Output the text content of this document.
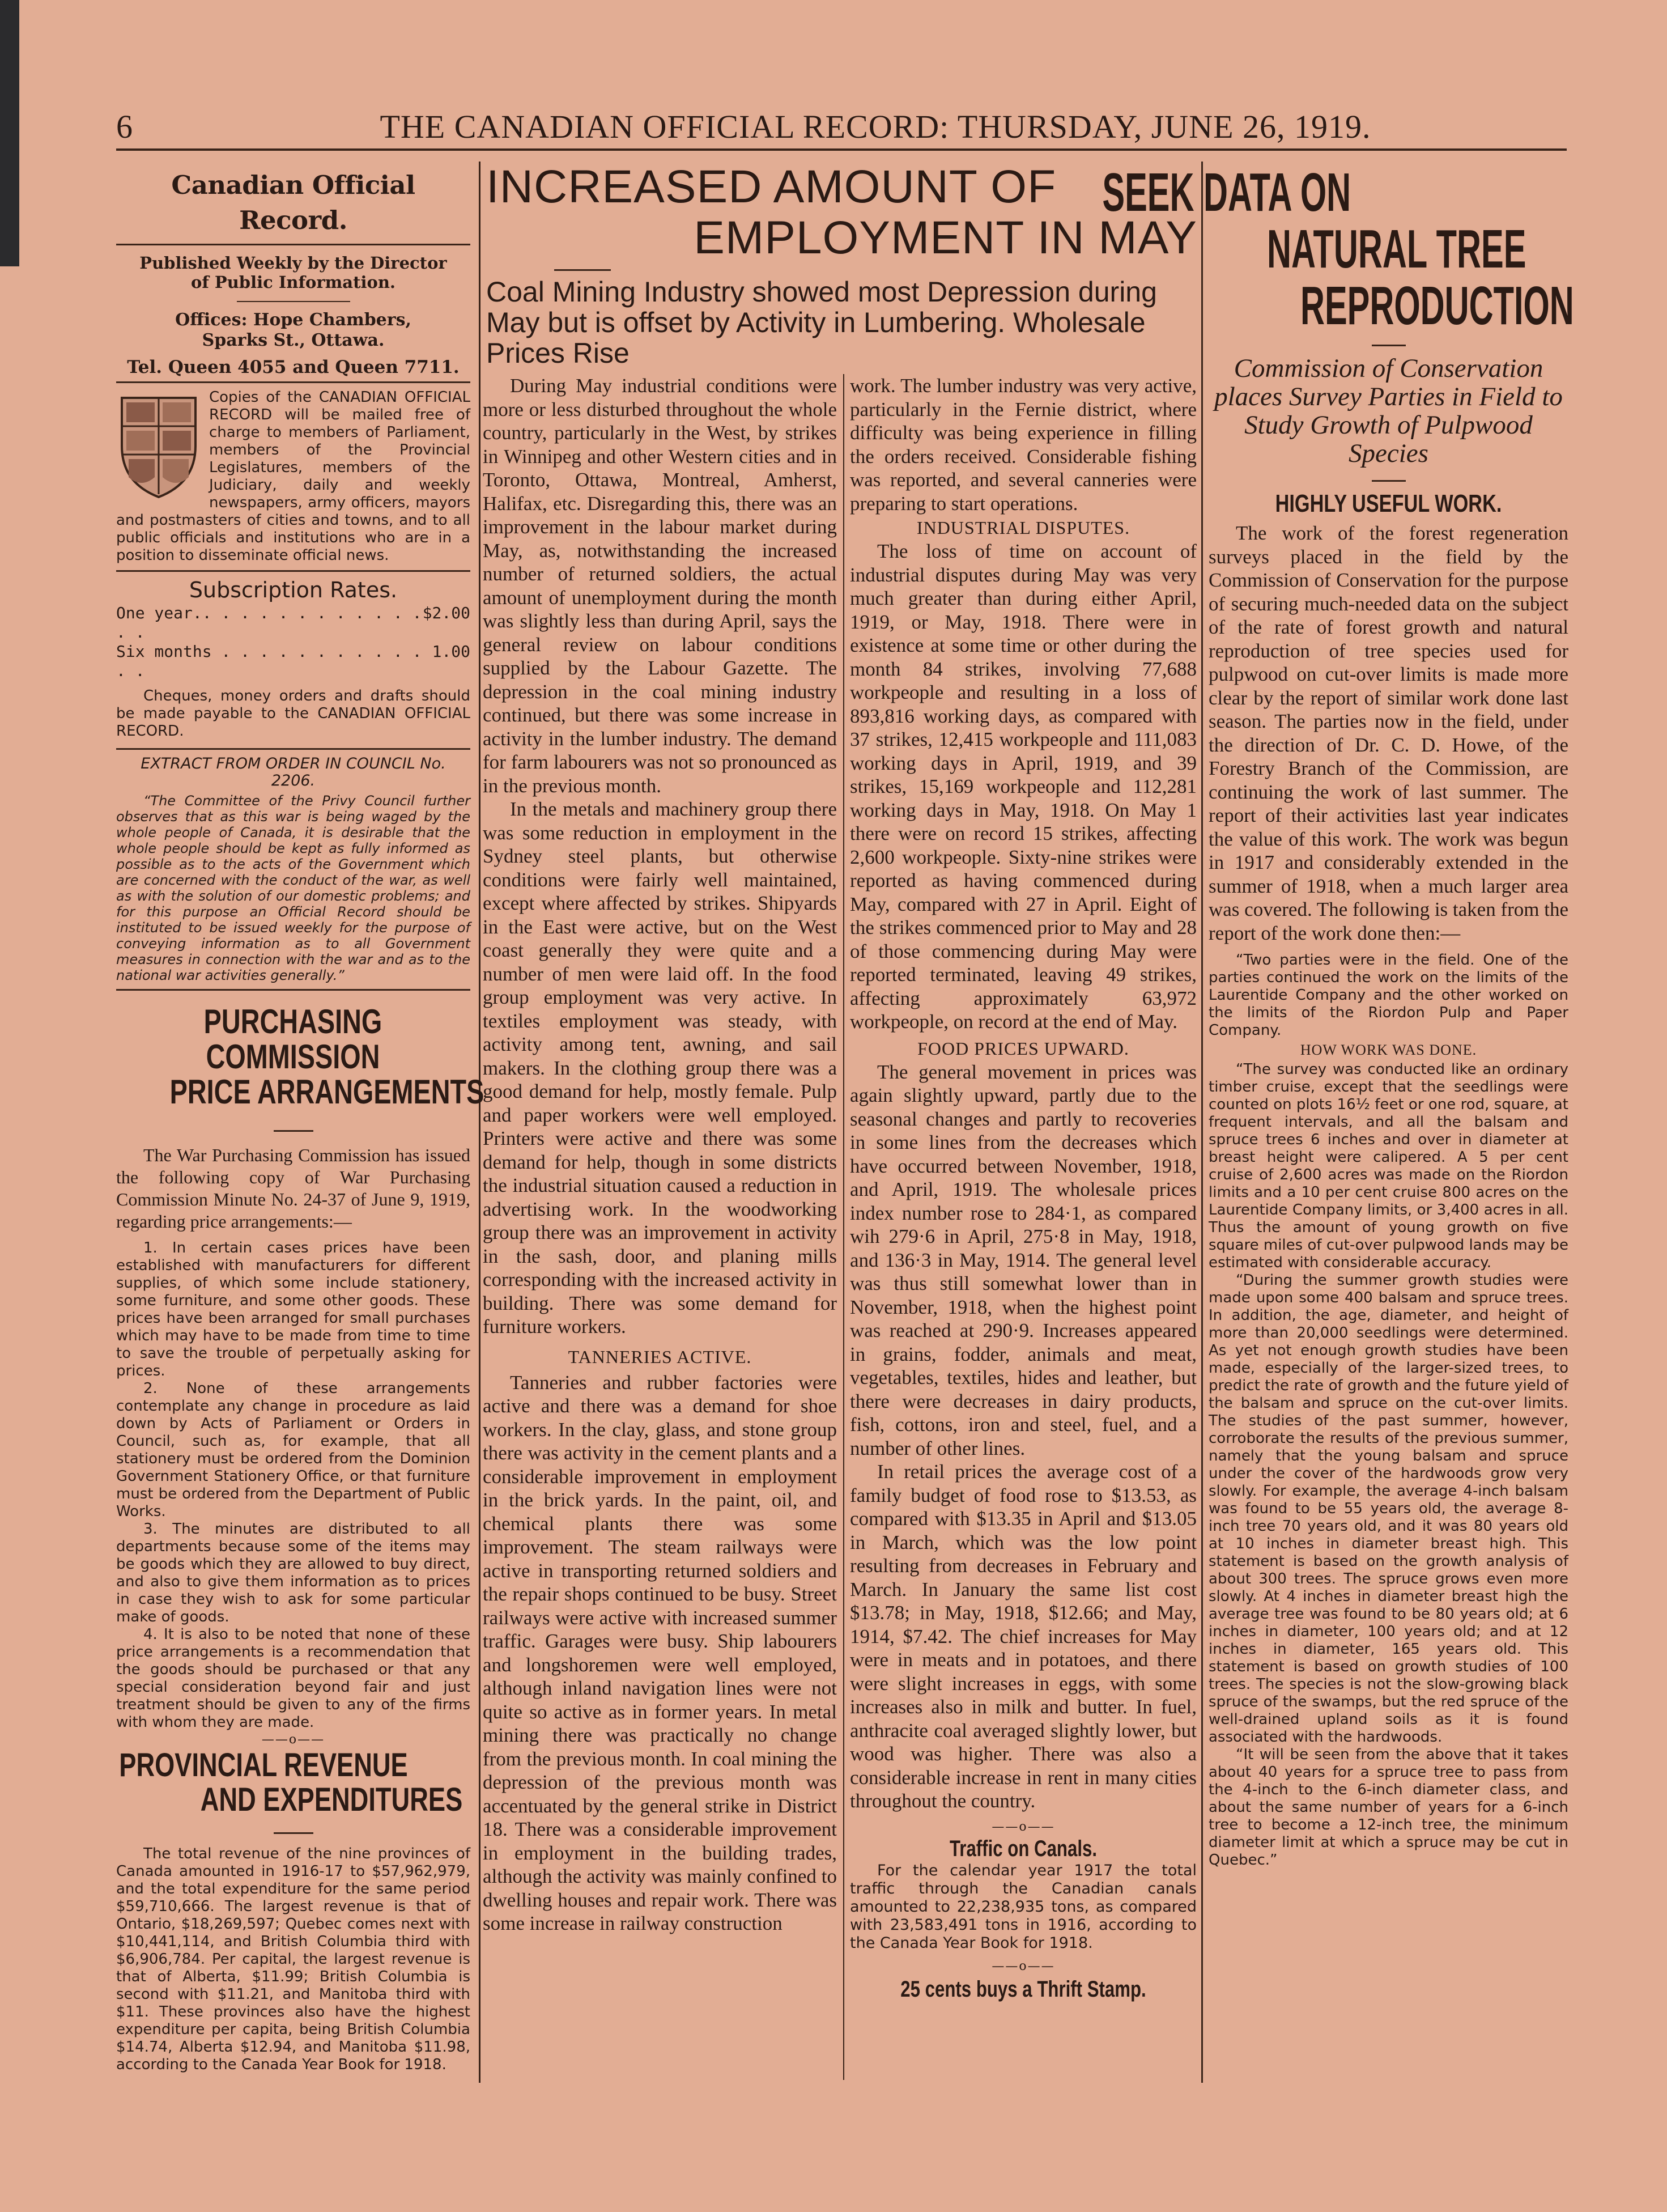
6	THE CANADIAN OFFICIAL RECORD: THURSDAY, JUNE 26, 1919.
Canadian Official Record.
Published Weekly by the Director of Public Information.
Offices: Hope Chambers, Sparks St., Ottawa.
Tel. Queen 4055 and Queen 7711.
Copies of the CANADIAN OFFICIAL RECORD will be mailed free of charge to members of Parliament, members of the Provincial Legislatures, members of the Judiciary, daily and weekly newspapers, army officers, mayors and postmasters of cities and towns, and to all public officials and institutions who are in a position to disseminate official news.
Subscription Rates.
One year.. . . . . . . . . . . . . .
$2.00
Six months . . . . . . . . . . . . .
1.00

Cheques, money orders and drafts should be made payable to the CANADIAN OFFICIAL RECORD.

EXTRACT FROM ORDER IN COUNCIL No. 2206.

“The Committee of the Privy Council further observes that as this war is being waged by the whole people of Canada, it is desirable that the whole people should be kept as fully informed as possible as to the acts of the Government which are concerned with the conduct of the war, as well as with the solution of our domestic problems; and for this purpose an Official Record should be instituted to be issued weekly for the purpose of conveying information as to all Government measures in connection with the war and as to the national war activities generally.”

PURCHASING COMMISSION
PRICE ARRANGEMENTS

The War Purchasing Commission has issued the following copy of War Purchasing Commission Minute No. 24-37 of June 9, 1919, regarding price arrangements:—

1. In certain cases prices have been established with manufacturers for different supplies, of which some include stationery, some furniture, and some other goods. These prices have been arranged for small purchases which may have to be made from time to time to save the trouble of perpetually asking for prices.

2. None of these arrangements contemplate any change in procedure as laid down by Acts of Parliament or Orders in Council, such as, for example, that all stationery must be ordered from the Dominion Government Stationery Office, or that furniture must be ordered from the Department of Public Works.

3. The minutes are distributed to all departments because some of the items may be goods which they are allowed to buy direct, and also to give them information as to prices in case they wish to ask for some particular make of goods.

4. It is also to be noted that none of these price arrangements is a recommendation that the goods should be purchased or that any special consideration beyond fair and just treatment should be given to any of the firms with whom they are made.

——o——
PROVINCIAL REVENUE
AND EXPENDITURES

The total revenue of the nine provinces of Canada amounted in 1916-17 to $57,962,979, and the total expenditure for the same period $59,710,666. The largest revenue is that of Ontario, $18,269,597; Quebec comes next with $10,441,114, and British Columbia third with $6,906,784. Per capital, the largest revenue is that of Alberta, $11.99; British Columbia is second with $11.21, and Manitoba third with $11. These provinces also have the highest expenditure per capita, being British Columbia $14.74, Alberta $12.94, and Manitoba $11.98, according to the Canada Year Book for 1918.

INCREASED AMOUNT OF
EMPLOYMENT IN MAY
Coal Mining Industry showed most Depression during May but is offset by Activity in Lumbering. Wholesale Prices Rise

During May industrial conditions were more or less disturbed throughout the whole country, particularly in the West, by strikes in Winnipeg and other Western cities and in Toronto, Ottawa, Montreal, Amherst, Halifax, etc. Disregarding this, there was an improvement in the labour market during May, as, notwithstanding the increased number of returned soldiers, the actual amount of unemployment during the month was slightly less than during April, says the general review on labour conditions supplied by the Labour Gazette. The depression in the coal mining industry continued, but there was some increase in activity in the lumber industry. The demand for farm labourers was not so pronounced as in the previous month.

In the metals and machinery group there was some reduction in employment in the Sydney steel plants, but otherwise conditions were fairly well maintained, except where affected by strikes. Shipyards in the East were active, but on the West coast generally they were quite and a number of men were laid off. In the food group employment was very active. In textiles employment was steady, with activity among tent, awning, and sail makers. In the clothing group there was a good demand for help, mostly female. Pulp and paper workers were well employed. Printers were active and there was some demand for help, though in some districts the industrial situation caused a reduction in advertising work. In the woodworking group there was an improvement in activity in the sash, door, and planing mills corresponding with the increased activity in building. There was some demand for furniture workers.

TANNERIES ACTIVE.

Tanneries and rubber factories were active and there was a demand for shoe workers. In the clay, glass, and stone group there was activity in the cement plants and a considerable improvement in employment in the brick yards. In the paint, oil, and chemical plants there was some improvement. The steam railways were active in transporting returned soldiers and the repair shops continued to be busy. Street railways were active with increased summer traffic. Garages were busy. Ship labourers and longshoremen were well employed, although inland navigation lines were not quite so active as in former years. In metal mining there was practically no change from the previous month. In coal mining the depression of the previous month was accentuated by the general strike in District 18. There was a considerable improvement in employment in the building trades, although the activity was mainly confined to dwelling houses and repair work. There was some increase in railway construction

work. The lumber industry was very active, particularly in the Fernie district, where difficulty was being experience in filling the orders received. Considerable fishing was reported, and several canneries were preparing to start operations.

INDUSTRIAL DISPUTES.

The loss of time on account of industrial disputes during May was very much greater than during either April, 1919, or May, 1918. There were in existence at some time or other during the month 84 strikes, involving 77,688 workpeople and resulting in a loss of 893,816 working days, as compared with 37 strikes, 12,415 workpeople and 111,083 working days in April, 1919, and 39 strikes, 15,169 workpeople and 112,281 working days in May, 1918. On May 1 there were on record 15 strikes, affecting 2,600 workpeople. Sixty-nine strikes were reported as having commenced during May, compared with 27 in April. Eight of the strikes commenced prior to May and 28 of those commencing during May were reported terminated, leaving 49 strikes, affecting approximately 63,972 workpeople, on record at the end of May.

FOOD PRICES UPWARD.

The general movement in prices was again slightly upward, partly due to the seasonal changes and partly to recoveries in some lines from the decreases which have occurred between November, 1918, and April, 1919. The wholesale prices index number rose to 284·1, as compared wih 279·6 in April, 275·8 in May, 1918, and 136·3 in May, 1914. The general level was thus still somewhat lower than in November, 1918, when the highest point was reached at 290·9. Increases appeared in grains, fodder, animals and meat, vegetables, textiles, hides and leather, but there were decreases in dairy products, fish, cottons, iron and steel, fuel, and a number of other lines.

In retail prices the average cost of a family budget of food rose to $13.53, as compared with $13.35 in April and $13.05 in March, which was the low point resulting from decreases in February and March. In January the same list cost $13.78; in May, 1918, $12.66; and May, 1914, $7.42. The chief increases for May were in meats and in potatoes, and there were slight increases in eggs, with some increases also in milk and butter. In fuel, anthracite coal averaged slightly lower, but wood was higher. There was also a considerable increase in rent in many cities throughout the country.

——o——
Traffic on Canals.

For the calendar year 1917 the total traffic through the Canadian canals amounted to 22,238,935 tons, as compared with 23,583,491 tons in 1916, according to the Canada Year Book for 1918.

——o——
25 cents buys a Thrift Stamp.
SEEK DATA ON
NATURAL TREE
REPRODUCTION
Commission of Conservation places Survey Parties in Field to Study Growth of Pulpwood Species
HIGHLY USEFUL WORK.

The work of the forest regeneration surveys placed in the field by the Commission of Conservation for the purpose of securing much-needed data on the subject of the rate of forest growth and natural reproduction of tree species used for pulpwood on cut-over limits is made more clear by the report of similar work done last season. The parties now in the field, under the direction of Dr. C. D. Howe, of the Forestry Branch of the Commission, are continuing the work of last summer. The report of their activities last year indicates the value of this work. The work was begun in 1917 and considerably extended in the summer of 1918, when a much larger area was covered. The following is taken from the report of the work done then:—

“Two parties were in the field. One of the parties continued the work on the limits of the Laurentide Company and the other worked on the limits of the Riordon Pulp and Paper Company.

HOW WORK WAS DONE.

“The survey was conducted like an ordinary timber cruise, except that the seedlings were counted on plots 16½ feet or one rod, square, at frequent intervals, and all the balsam and spruce trees 6 inches and over in diameter at breast height were calipered. A 5 per cent cruise of 2,600 acres was made on the Riordon limits and a 10 per cent cruise 800 acres on the Laurentide Company limits, or 3,400 acres in all. Thus the amount of young growth on five square miles of cut-over pulpwood lands may be estimated with considerable accuracy.

“During the summer growth studies were made upon some 400 balsam and spruce trees. In addition, the age, diameter, and height of more than 20,000 seedlings were determined. As yet not enough growth studies have been made, especially of the larger-sized trees, to predict the rate of growth and the future yield of the balsam and spruce on the cut-over limits. The studies of the past summer, however, corroborate the results of the previous summer, namely that the young balsam and spruce under the cover of the hardwoods grow very slowly. For example, the average 4-inch balsam was found to be 55 years old, the average 8-inch tree 70 years old, and it was 80 years old at 10 inches in diameter breast high. This statement is based on the growth analysis of about 300 trees. The spruce grows even more slowly. At 4 inches in diameter breast high the average tree was found to be 80 years old; at 6 inches in diameter, 100 years old; and at 12 inches in diameter, 165 years old. This statement is based on growth studies of 100 trees. The species is not the slow-growing black spruce of the swamps, but the red spruce of the well-drained upland soils as it is found associated with the hardwoods.

“It will be seen from the above that it takes about 40 years for a spruce tree to pass from the 4-inch to the 6-inch diameter class, and about the same number of years for a 6-inch tree to become a 12-inch tree, the minimum diameter limit at which a spruce may be cut in Quebec.”
